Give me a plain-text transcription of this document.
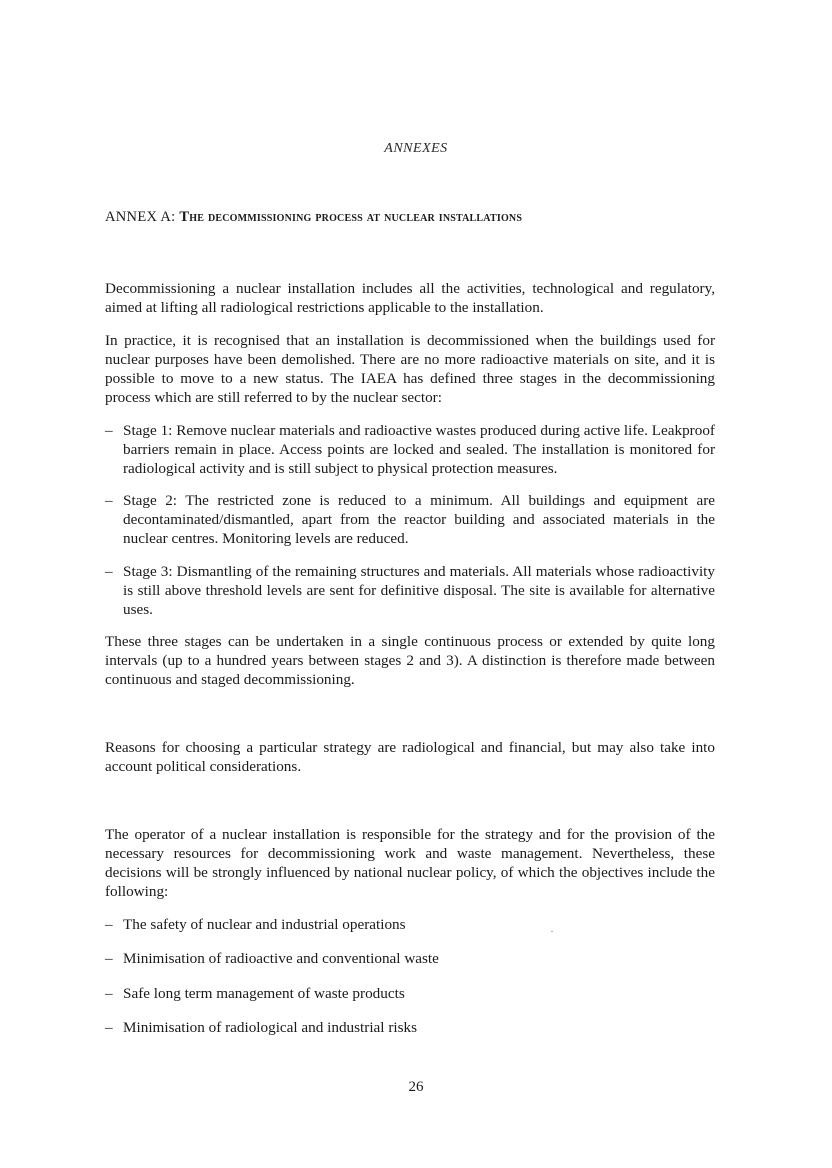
ANNEXES
ANNEX A: The decommissioning process at nuclear installations
Decommissioning a nuclear installation includes all the activities, technological and regulatory, aimed at lifting all radiological restrictions applicable to the installation.
In practice, it is recognised that an installation is decommissioned when the buildings used for nuclear purposes have been demolished. There are no more radioactive materials on site, and it is possible to move to a new status. The IAEA has defined three stages in the decommissioning process which are still referred to by the nuclear sector:
– Stage 1: Remove nuclear materials and radioactive wastes produced during active life. Leakproof barriers remain in place. Access points are locked and sealed. The installation is monitored for radiological activity and is still subject to physical protection measures.
– Stage 2: The restricted zone is reduced to a minimum. All buildings and equipment are decontaminated/dismantled, apart from the reactor building and associated materials in the nuclear centres. Monitoring levels are reduced.
– Stage 3: Dismantling of the remaining structures and materials. All materials whose radioactivity is still above threshold levels are sent for definitive disposal. The site is available for alternative uses.
These three stages can be undertaken in a single continuous process or extended by quite long intervals (up to a hundred years between stages 2 and 3). A distinction is therefore made between continuous and staged decommissioning.
Reasons for choosing a particular strategy are radiological and financial, but may also take into account political considerations.
The operator of a nuclear installation is responsible for the strategy and for the provision of the necessary resources for decommissioning work and waste management. Nevertheless, these decisions will be strongly influenced by national nuclear policy, of which the objectives include the following:
– The safety of nuclear and industrial operations
– Minimisation of radioactive and conventional waste
– Safe long term management of waste products
– Minimisation of radiological and industrial risks
26
